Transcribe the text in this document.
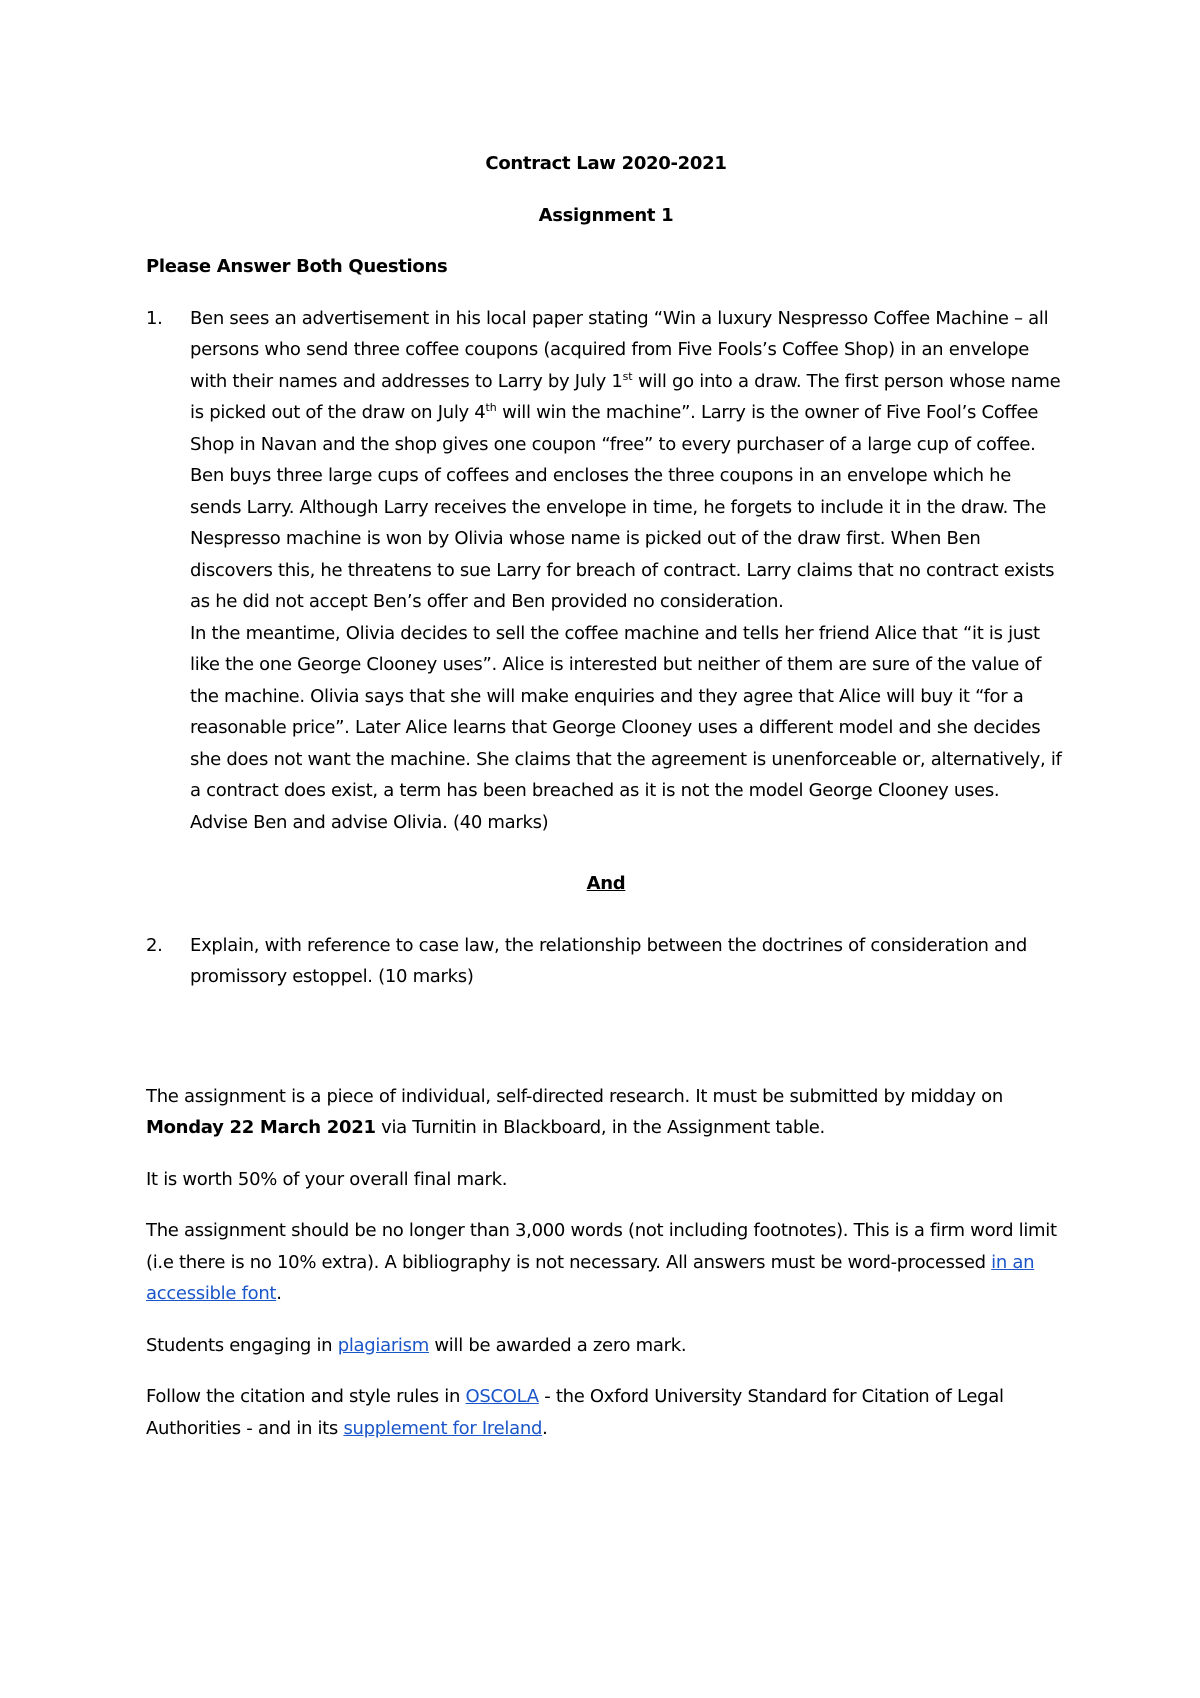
Contract Law 2020-2021
Assignment 1
Please Answer Both Questions
1.	Ben sees an advertisement in his local paper stating “Win a luxury Nespresso Coffee Machine – all persons who send three coffee coupons (acquired from Five Fools’s Coffee Shop) in an envelope with their names and addresses to Larry by July 1st will go into a draw. The first person whose name is picked out of the draw on July 4th will win the machine”. Larry is the owner of Five Fool’s Coffee Shop in Navan and the shop gives one coupon “free” to every purchaser of a large cup of coffee. Ben buys three large cups of coffees and encloses the three coupons in an envelope which he sends Larry. Although Larry receives the envelope in time, he forgets to include it in the draw. The Nespresso machine is won by Olivia whose name is picked out of the draw first. When Ben discovers this, he threatens to sue Larry for breach of contract. Larry claims that no contract exists as he did not accept Ben’s offer and Ben provided no consideration.

In the meantime, Olivia decides to sell the coffee machine and tells her friend Alice that “it is just like the one George Clooney uses”. Alice is interested but neither of them are sure of the value of the machine. Olivia says that she will make enquiries and they agree that Alice will buy it “for a reasonable price”. Later Alice learns that George Clooney uses a different model and she decides she does not want the machine. She claims that the agreement is unenforceable or, alternatively, if a contract does exist, a term has been breached as it is not the model George Clooney uses.

Advise Ben and advise Olivia. (40 marks)

And
2.	Explain, with reference to case law, the relationship between the doctrines of consideration and promissory estoppel. (10 marks)

The assignment is a piece of individual, self-directed research. It must be submitted by midday on Monday 22 March 2021 via Turnitin in Blackboard, in the Assignment table.

It is worth 50% of your overall final mark.

The assignment should be no longer than 3,000 words (not including footnotes). This is a firm word limit (i.e there is no 10% extra). A bibliography is not necessary. All answers must be word-processed in an accessible font.

Students engaging in plagiarism will be awarded a zero mark.

Follow the citation and style rules in OSCOLA - the Oxford University Standard for Citation of Legal Authorities - and in its supplement for Ireland.
